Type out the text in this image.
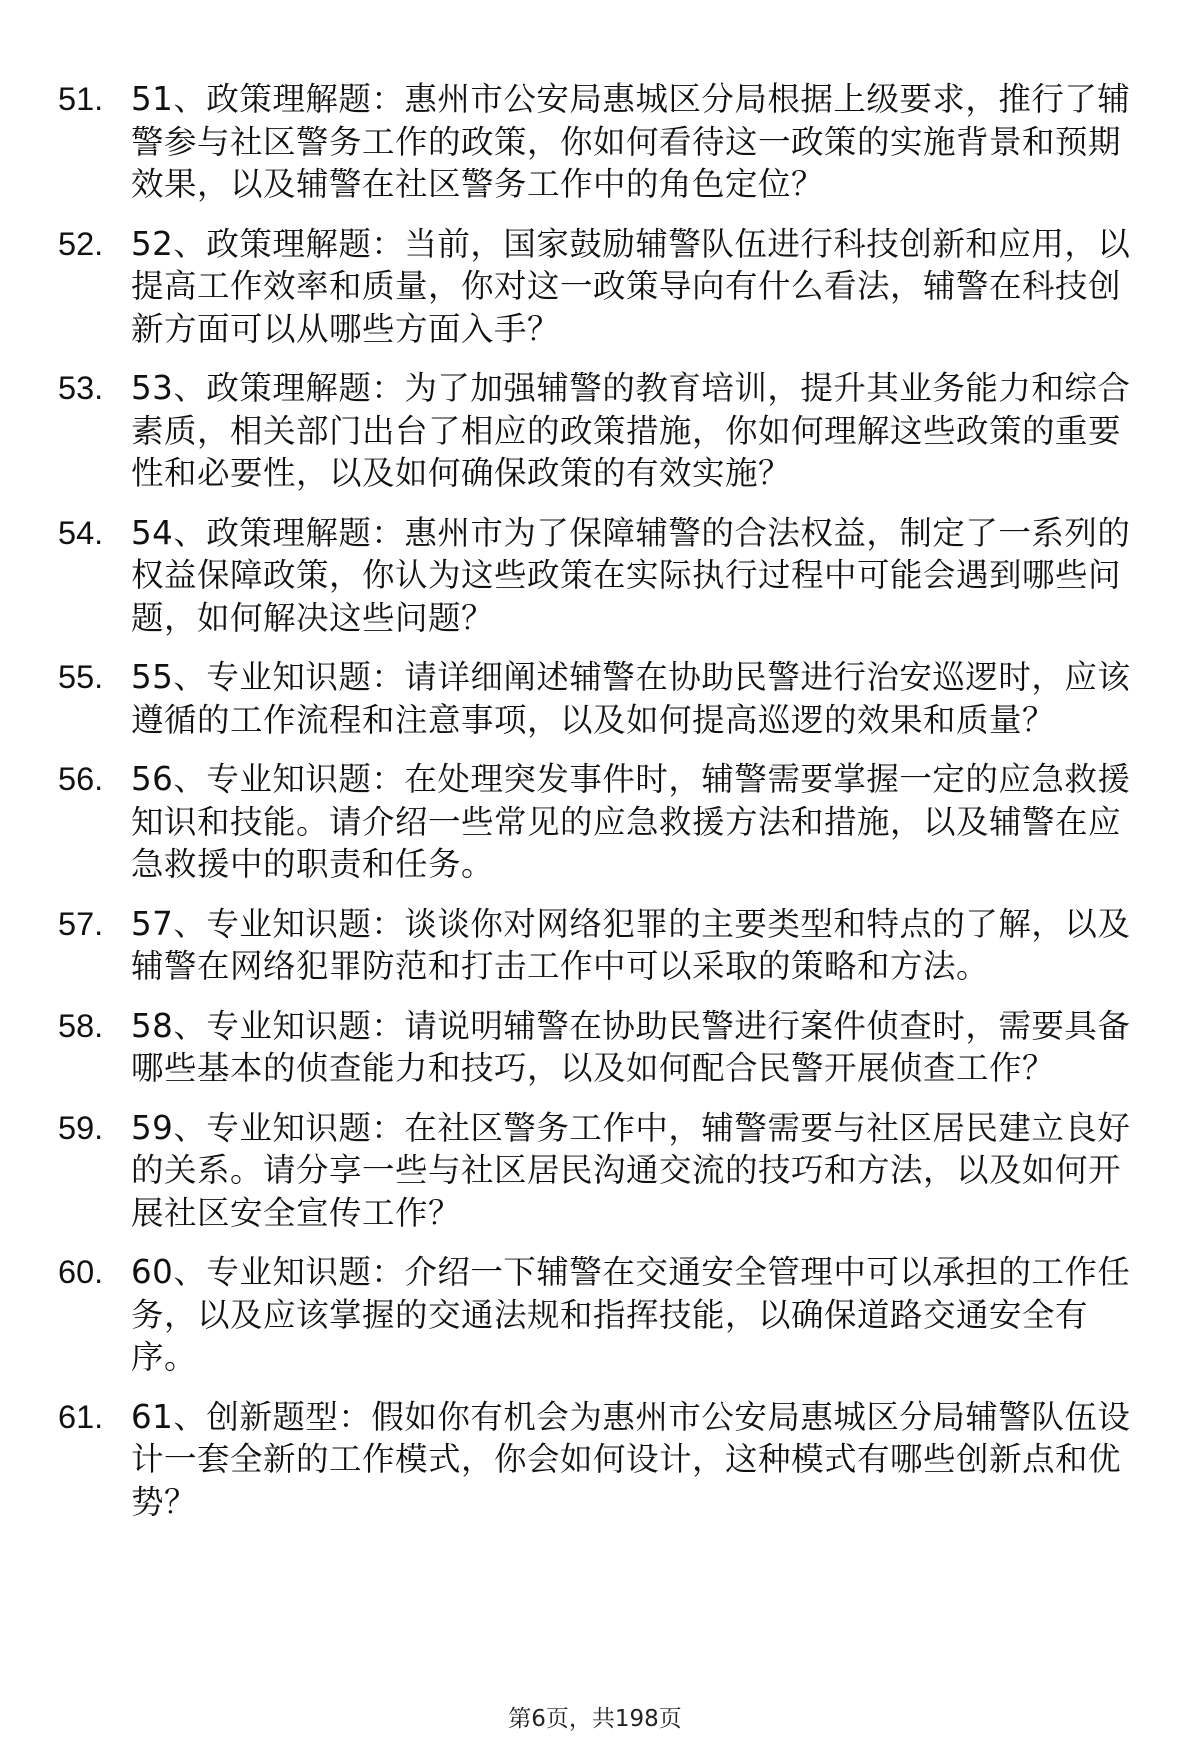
51. 51、政策理解题：惠州市公安局惠城区分局根据上级要求，推行了辅警参与社区警务工作的政策，你如何看待这一政策的实施背景和预期效果，以及辅警在社区警务工作中的角色定位？
52. 52、政策理解题：当前，国家鼓励辅警队伍进行科技创新和应用，以提高工作效率和质量，你对这一政策导向有什么看法，辅警在科技创新方面可以从哪些方面入手？
53. 53、政策理解题：为了加强辅警的教育培训，提升其业务能力和综合素质，相关部门出台了相应的政策措施，你如何理解这些政策的重要性和必要性，以及如何确保政策的有效实施？
54. 54、政策理解题：惠州市为了保障辅警的合法权益，制定了一系列的权益保障政策，你认为这些政策在实际执行过程中可能会遇到哪些问题，如何解决这些问题？
55. 55、专业知识题：请详细阐述辅警在协助民警进行治安巡逻时，应该遵循的工作流程和注意事项，以及如何提高巡逻的效果和质量？
56. 56、专业知识题：在处理突发事件时，辅警需要掌握一定的应急救援知识和技能。请介绍一些常见的应急救援方法和措施，以及辅警在应急救援中的职责和任务。
57. 57、专业知识题：谈谈你对网络犯罪的主要类型和特点的了解，以及辅警在网络犯罪防范和打击工作中可以采取的策略和方法。
58. 58、专业知识题：请说明辅警在协助民警进行案件侦查时，需要具备哪些基本的侦查能力和技巧，以及如何配合民警开展侦查工作？
59. 59、专业知识题：在社区警务工作中，辅警需要与社区居民建立良好的关系。请分享一些与社区居民沟通交流的技巧和方法，以及如何开展社区安全宣传工作？
60. 60、专业知识题：介绍一下辅警在交通安全管理中可以承担的工作任务，以及应该掌握的交通法规和指挥技能，以确保道路交通安全有序。
61. 61、创新题型：假如你有机会为惠州市公安局惠城区分局辅警队伍设计一套全新的工作模式，你会如何设计，这种模式有哪些创新点和优势？
第6页，共198页
